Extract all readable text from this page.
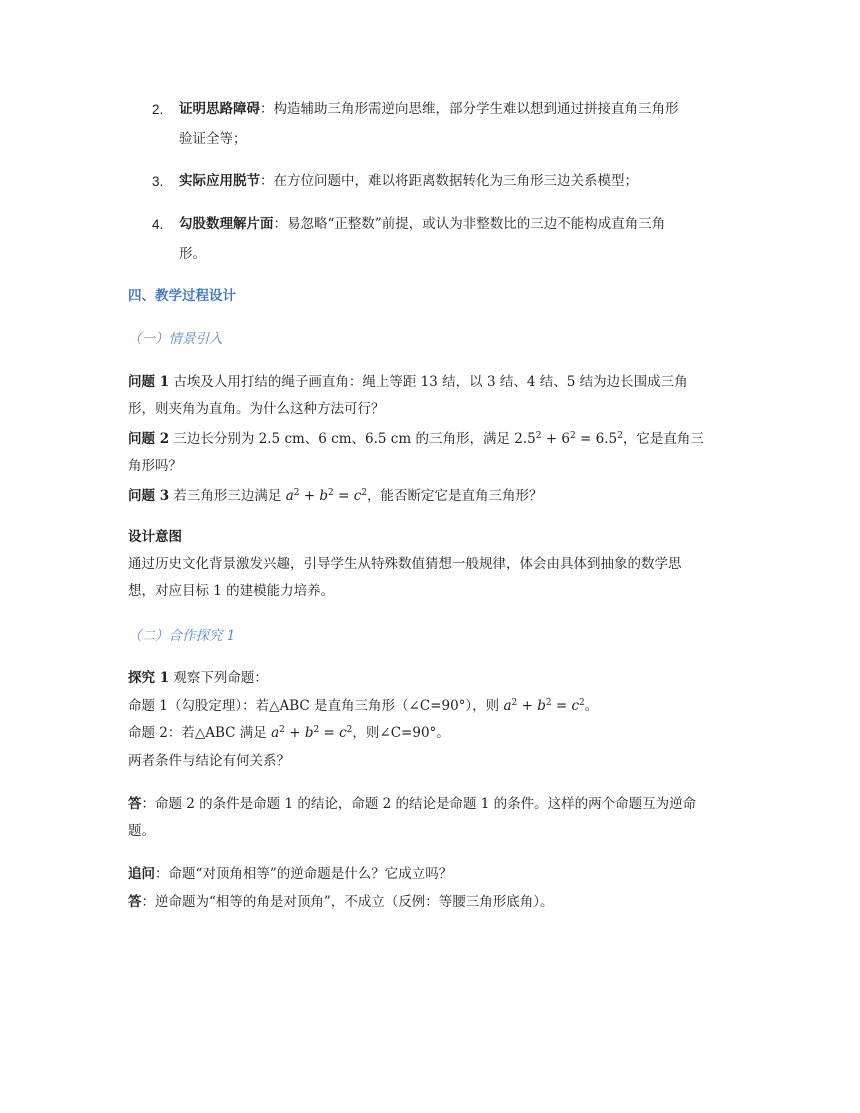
2. 证明思路障碍：构造辅助三角形需逆向思维，部分学生难以想到通过拼接直角三角形
验证全等；
3. 实际应用脱节：在方位问题中，难以将距离数据转化为三角形三边关系模型；
4. 勾股数理解片面：易忽略“正整数”前提，或认为非整数比的三边不能构成直角三角
形。
四、教学过程设计
（一）情景引入
问题 1 古埃及人用打结的绳子画直角：绳上等距 13 结，以 3 结、4 结、5 结为边长围成三角
形，则夹角为直角。为什么这种方法可行？
问题 2 三边长分别为 2.5 cm、6 cm、6.5 cm 的三角形，满足 $2.5^2 + 6^2 = 6.5^2$，它是直角三
角形吗？
问题 3 若三角形三边满足 $a^2 + b^2 = c^2$，能否断定它是直角三角形？
设计意图
通过历史文化背景激发兴趣，引导学生从特殊数值猜想一般规律，体会由具体到抽象的数学思
想，对应目标 1 的建模能力培养。
（二）合作探究 1
探究 1 观察下列命题：
命题 1（勾股定理）：若△ABC 是直角三角形（∠C=90°），则 $a^2 + b^2 = c^2$。
命题 2：若△ABC 满足 $a^2 + b^2 = c^2$，则∠C=90°。
两者条件与结论有何关系？
答：命题 2 的条件是命题 1 的结论，命题 2 的结论是命题 1 的条件。这样的两个命题互为逆命
题。
追问：命题“对顶角相等”的逆命题是什么？它成立吗？
答：逆命题为“相等的角是对顶角”，不成立（反例：等腰三角形底角）。
